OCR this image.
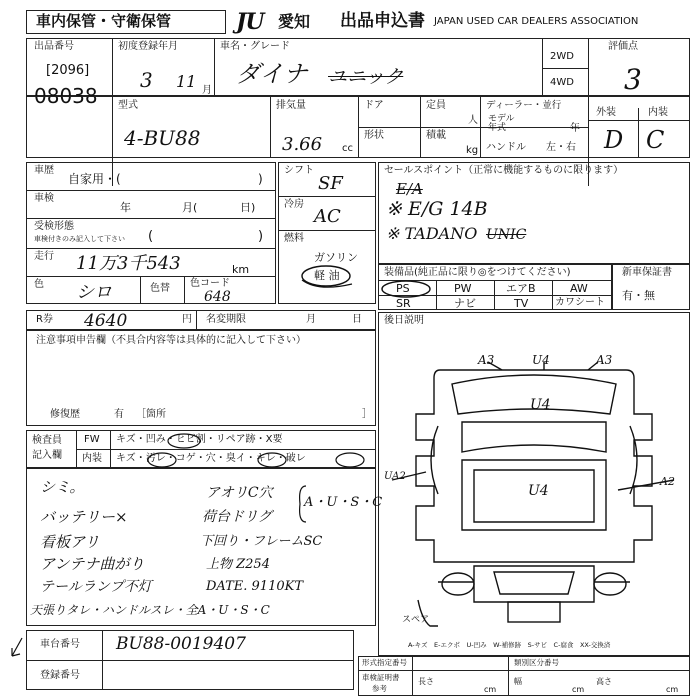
車内保管・守衛保管	JU 愛知 出品申込書 JAPAN USED CAR DEALERS ASSOCIATION
出品番号
[2096]
08038
初度登録年月
3 11 月
車名・グレード
ダイナ ユニック
2WD
4WD
評価点
3
型式
4-BU88
排気量
3.66 cc
ドア
形状
定員
人
積載
kg
ディーラー・並行
モデル
年式	年
ハンドル 左・右
外装	内装
D C
車歴
自家用・(	)
車検
年	月(	日)
受検形態
車検付きのみ記入して下さい (	)
走行 11万3千543	km
色 シロ	色替 色コード
648
シフト
SF
冷房
AC
燃料
ガソリン
軽 油
セールスポイント（正常に機能するものに限ります）
E/A
※ E/G 14B
※ TADANO UNIC
装備品(純正品に限り◎をつけてください)
PS	PW	エアB	AW
SR	ナビ	TV	カワシート
新車保証書
有・無
R券 4640	円 名変期限	月	日
注意事項申告欄（不具合内容等は具体的に記入して下さい）
修復歴	有 ［箇所	］
後日説明
検査員
記入欄
FW キズ・凹み・ヒビ割・リペア跡・X要
内装 キズ・汚レ・コゲ・穴・臭イ・キレ・破レ
シミ。
バッテリー×
看板アリ
アンテナ曲がり
テールランプ不灯
天張りタレ・ハンドルスレ・全A・U・S・C
アオリC穴
荷台ドリグ
下回り・フレームSC
上物 Z254
DATE. 9110KT
A・U・S・C
A3	U4	A3
U4
U4
UA2	A2
スペア
A-キズ　E-エクボ　U-凹み　W-補修跡　S-サビ　C-腐食　XX-交換済
車台番号 BU88-0019407
登録番号
形式指定番号	類別区分番号
車検証明書
参考
長さ
cm
幅
cm
高さ
cm
